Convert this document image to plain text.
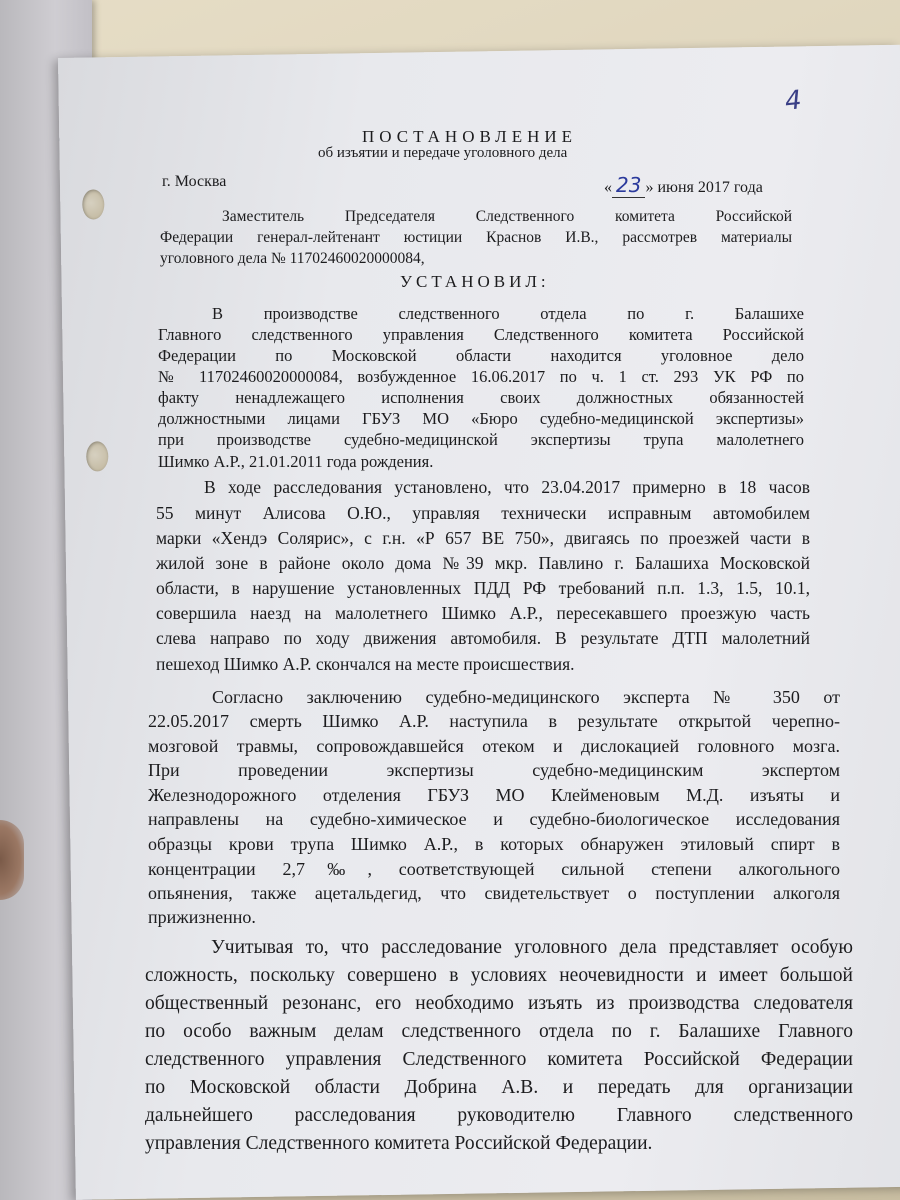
4
ПОСТАНОВЛЕНИЕ
об изъятии и передаче уголовного дела
г. Москва	« 23 » июня 2017 года
Заместитель Председателя Следственного комитета Российской
Федерации генерал-лейтенант юстиции Краснов И.В., рассмотрев материалы
уголовного дела № 11702460020000084,
УСТАНОВИЛ:
В производстве следственного отдела по г. Балашихе
Главного следственного управления Следственного комитета Российской
Федерации по Московской области находится уголовное дело
№ 11702460020000084, возбужденное 16.06.2017 по ч. 1 ст. 293 УК РФ по
факту ненадлежащего исполнения своих должностных обязанностей
должностными лицами ГБУЗ МО «Бюро судебно-медицинской экспертизы»
при производстве судебно-медицинской экспертизы трупа малолетнего
Шимко А.Р., 21.01.2011 года рождения.
В ходе расследования установлено, что 23.04.2017 примерно в 18 часов
55 минут Алисова О.Ю., управляя технически исправным автомобилем
марки «Хендэ Солярис», с г.н. «Р 657 ВЕ 750», двигаясь по проезжей части в
жилой зоне в районе около дома №39 мкр. Павлино г. Балашиха Московской
области, в нарушение установленных ПДД РФ требований п.п. 1.3, 1.5, 10.1,
совершила наезд на малолетнего Шимко А.Р., пересекавшего проезжую часть
слева направо по ходу движения автомобиля. В результате ДТП малолетний
пешеход Шимко А.Р. скончался на месте происшествия.
Согласно заключению судебно-медицинского эксперта № 350 от
22.05.2017 смерть Шимко А.Р. наступила в результате открытой черепно-
мозговой травмы, сопровождавшейся отеком и дислокацией головного мозга.
При проведении экспертизы судебно-медицинским экспертом
Железнодорожного отделения ГБУЗ МО Клейменовым М.Д. изъяты и
направлены на судебно-химическое и судебно-биологическое исследования
образцы крови трупа Шимко А.Р., в которых обнаружен этиловый спирт в
концентрации 2,7‰, соответствующей сильной степени алкогольного
опьянения, также ацетальдегид, что свидетельствует о поступлении алкоголя
прижизненно.
Учитывая то, что расследование уголовного дела представляет особую
сложность, поскольку совершено в условиях неочевидности и имеет большой
общественный резонанс, его необходимо изъять из производства следователя
по особо важным делам следственного отдела по г. Балашихе Главного
следственного управления Следственного комитета Российской Федерации
по Московской области Добрина А.В. и передать для организации
дальнейшего расследования руководителю Главного следственного
управления Следственного комитета Российской Федерации.
